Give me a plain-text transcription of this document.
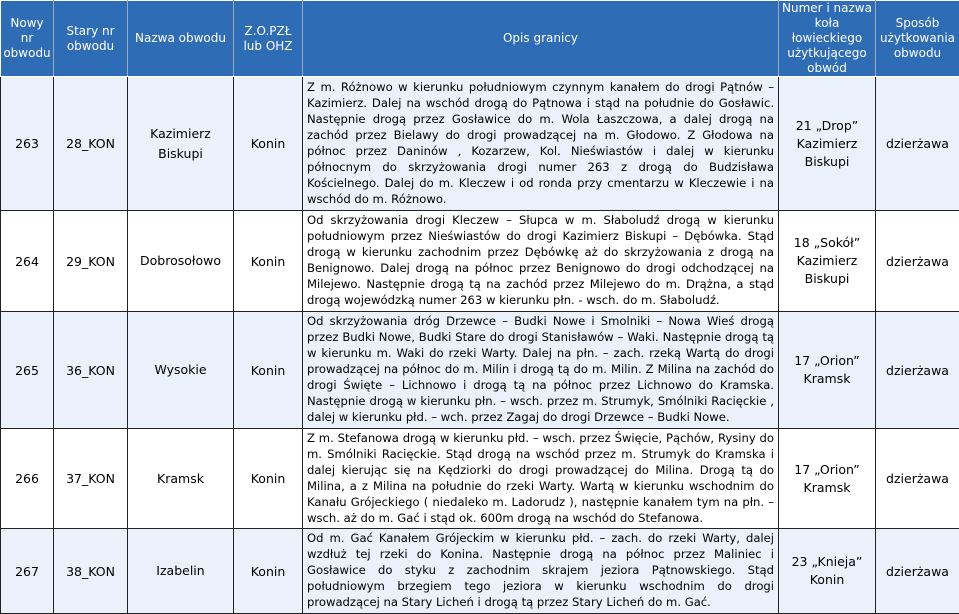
Nowy nr obwodu	Stary nr obwodu	Nazwa obwodu	Z.O.PZŁ lub OHZ	Opis granicy	Numer i nazwa koła łowieckiego użytkującego obwód	Sposób użytkowania obwodu
263	28_KON	Kazimierz Biskupi	Konin	Z m. Różnowo w kierunku południowym czynnym kanałem do drogi Pątnów – Kazimierz. Dalej na wschód drogą do Pątnowa i stąd na południe do Gosławic. Następnie drogą przez Gosławice do m. Wola Łaszczowa, a dalej drogą na zachód przez Bielawy do drogi prowadzącej na m. Głodowo. Z Głodowa na północ przez Daninów , Kozarzew, Kol. Nieświastów i dalej w kierunku północnym do skrzyżowania drogi numer 263 z drogą do Budzisława Kościelnego. Dalej do m. Kleczew i od ronda przy cmentarzu w Kleczewie i na wschód do m. Różnowo.	21 „Drop” Kazimierz Biskupi	dzierżawa
264	29_KON	Dobrosołowo	Konin	Od skrzyżowania drogi Kleczew – Słupca w m. Słaboludź drogą w kierunku południowym przez Nieświastów do drogi Kazimierz Biskupi – Dębówka. Stąd drogą w kierunku zachodnim przez Dębówkę aż do skrzyżowania z drogą na Benignowo. Dalej drogą na północ przez Benignowo do drogi odchodzącej na Milejewo. Następnie drogą tą na zachód przez Milejewo do m. Drążna, a stąd drogą wojewódzką numer 263 w kierunku płn. - wsch. do m. Słaboludź.	18 „Sokół” Kazimierz Biskupi	dzierżawa
265	36_KON	Wysokie	Konin	Od skrzyżowania dróg Drzewce – Budki Nowe i Smolniki – Nowa Wieś drogą przez Budki Nowe, Budki Stare do drogi Stanisławów – Waki. Następnie drogą tą w kierunku m. Waki do rzeki Warty. Dalej na płn. – zach. rzeką Wartą do drogi prowadzącej na północ do m. Milin i drogą tą do m. Milin. Z Milina na zachód do drogi Święte – Lichnowo i drogą tą na północ przez Lichnowo do Kramska. Następnie drogą w kierunku płn. – wsch. przez m. Strumyk, Smólniki Racięckie , dalej w kierunku płd. – wch. przez Zagaj do drogi Drzewce – Budki Nowe.	17 „Orion” Kramsk	dzierżawa
266	37_KON	Kramsk	Konin	Z m. Stefanowa drogą w kierunku płd. – wsch. przez Święcie, Pąchów, Rysiny do m. Smólniki Racięckie. Stąd drogą na wschód przez m. Strumyk do Kramska i dalej kierując się na Kędziorki do drogi prowadzącej do Milina. Drogą tą do Milina, a z Milina na południe do rzeki Warty. Wartą w kierunku wschodnim do Kanału Grójeckiego ( niedaleko m. Ladorudz ), następnie kanałem tym na płn. – wsch. aż do m. Gać i stąd ok. 600m drogą na wschód do Stefanowa.	17 „Orion” Kramsk	dzierżawa
267	38_KON	Izabelin	Konin	Od m. Gać Kanałem Grójeckim w kierunku płd. – zach. do rzeki Warty, dalej wzdłuż tej rzeki do Konina. Następnie drogą na północ przez Maliniec i Gosławice do styku z zachodnim skrajem jeziora Pątnowskiego. Stąd południowym brzegiem tego jeziora w kierunku wschodnim do drogi prowadzącej na Stary Licheń i drogą tą przez Stary Licheń do m. Gać.	23 „Knieja” Konin	dzierżawa
